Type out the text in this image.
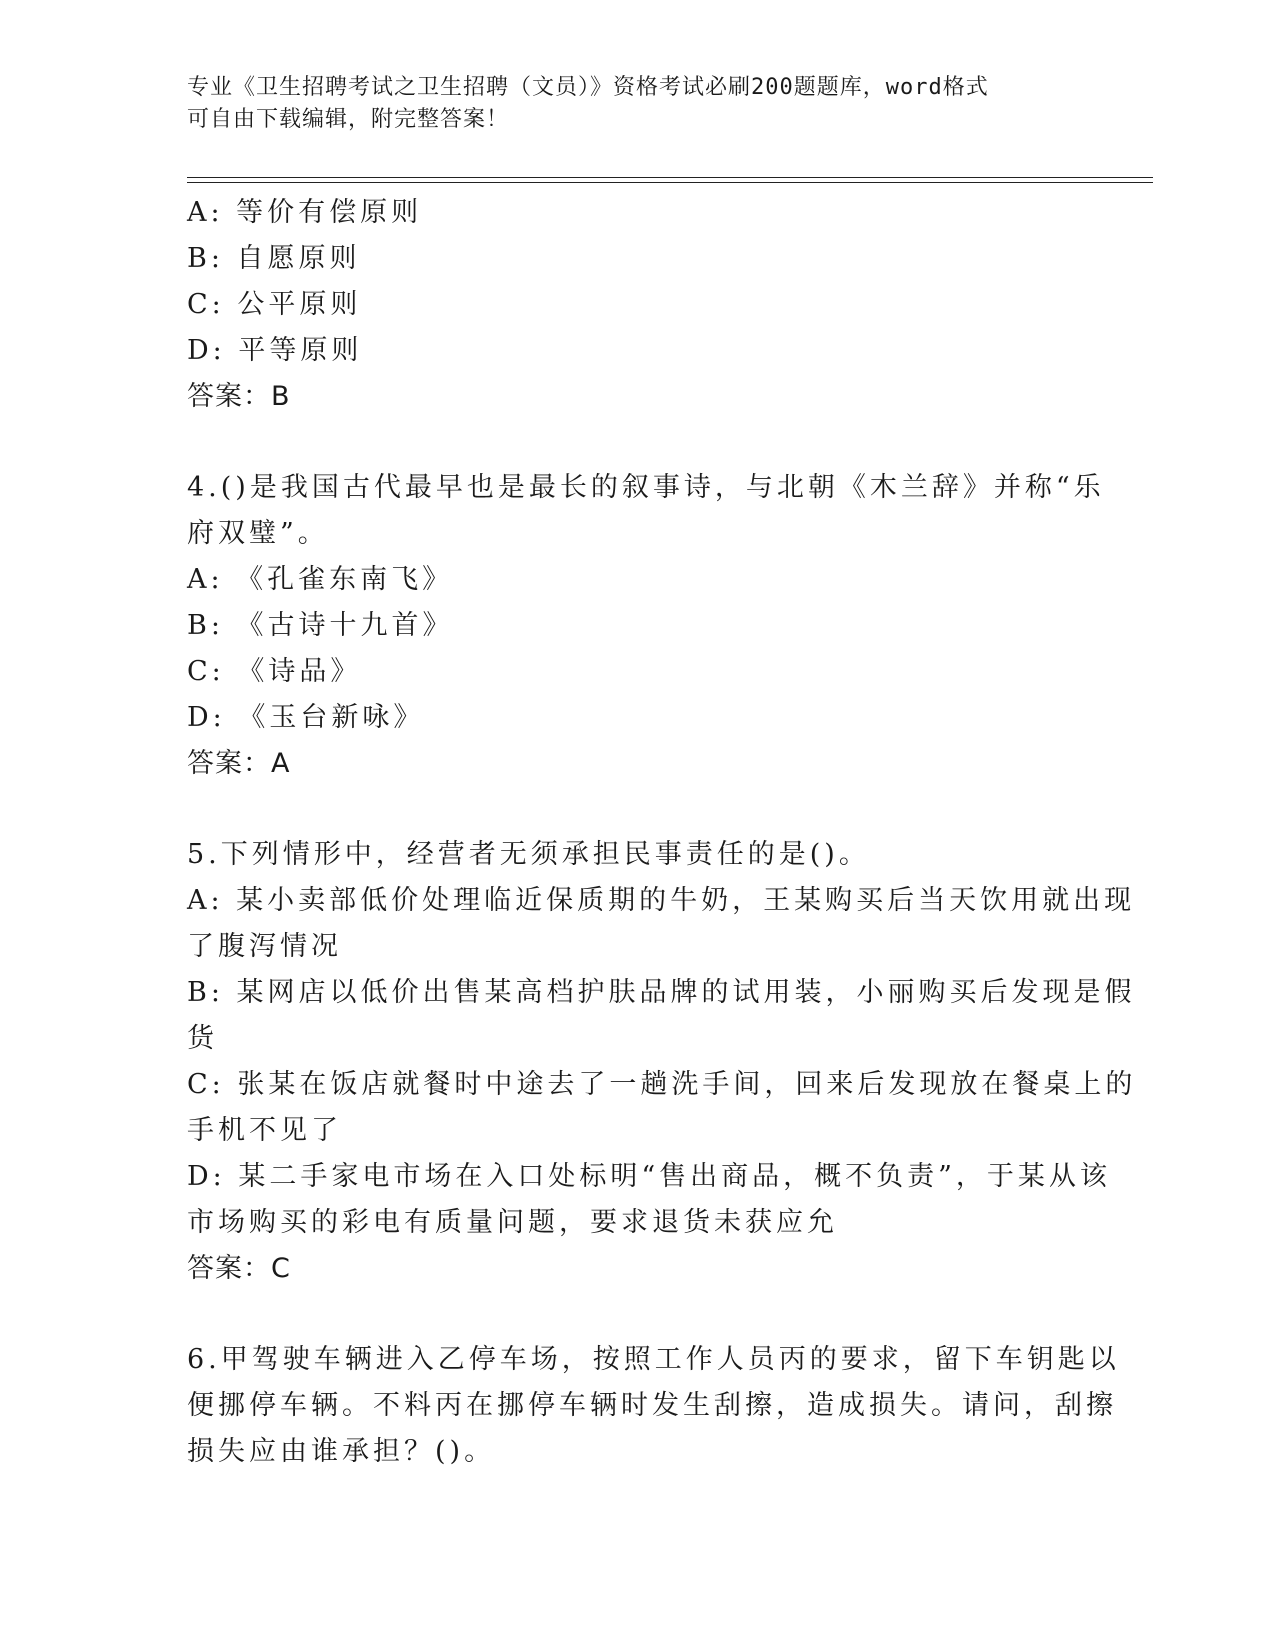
专业《卫生招聘考试之卫生招聘（文员）》资格考试必刷200题题库，word格式
可自由下载编辑，附完整答案！
A: 等价有偿原则
B: 自愿原则
C: 公平原则
D: 平等原则
答案：B
4.()是我国古代最早也是最长的叙事诗，与北朝《木兰辞》并称“乐
府双璧”。
A: 《孔雀东南飞》
B: 《古诗十九首》
C: 《诗品》
D: 《玉台新咏》
答案：A
5.下列情形中，经营者无须承担民事责任的是()。
A: 某小卖部低价处理临近保质期的牛奶，王某购买后当天饮用就出现
了腹泻情况
B: 某网店以低价出售某高档护肤品牌的试用装，小丽购买后发现是假
货
C: 张某在饭店就餐时中途去了一趟洗手间，回来后发现放在餐桌上的
手机不见了
D: 某二手家电市场在入口处标明“售出商品，概不负责”，于某从该
市场购买的彩电有质量问题，要求退货未获应允
答案：C
6.甲驾驶车辆进入乙停车场，按照工作人员丙的要求，留下车钥匙以
便挪停车辆。不料丙在挪停车辆时发生刮擦，造成损失。请问，刮擦
损失应由谁承担？()。
